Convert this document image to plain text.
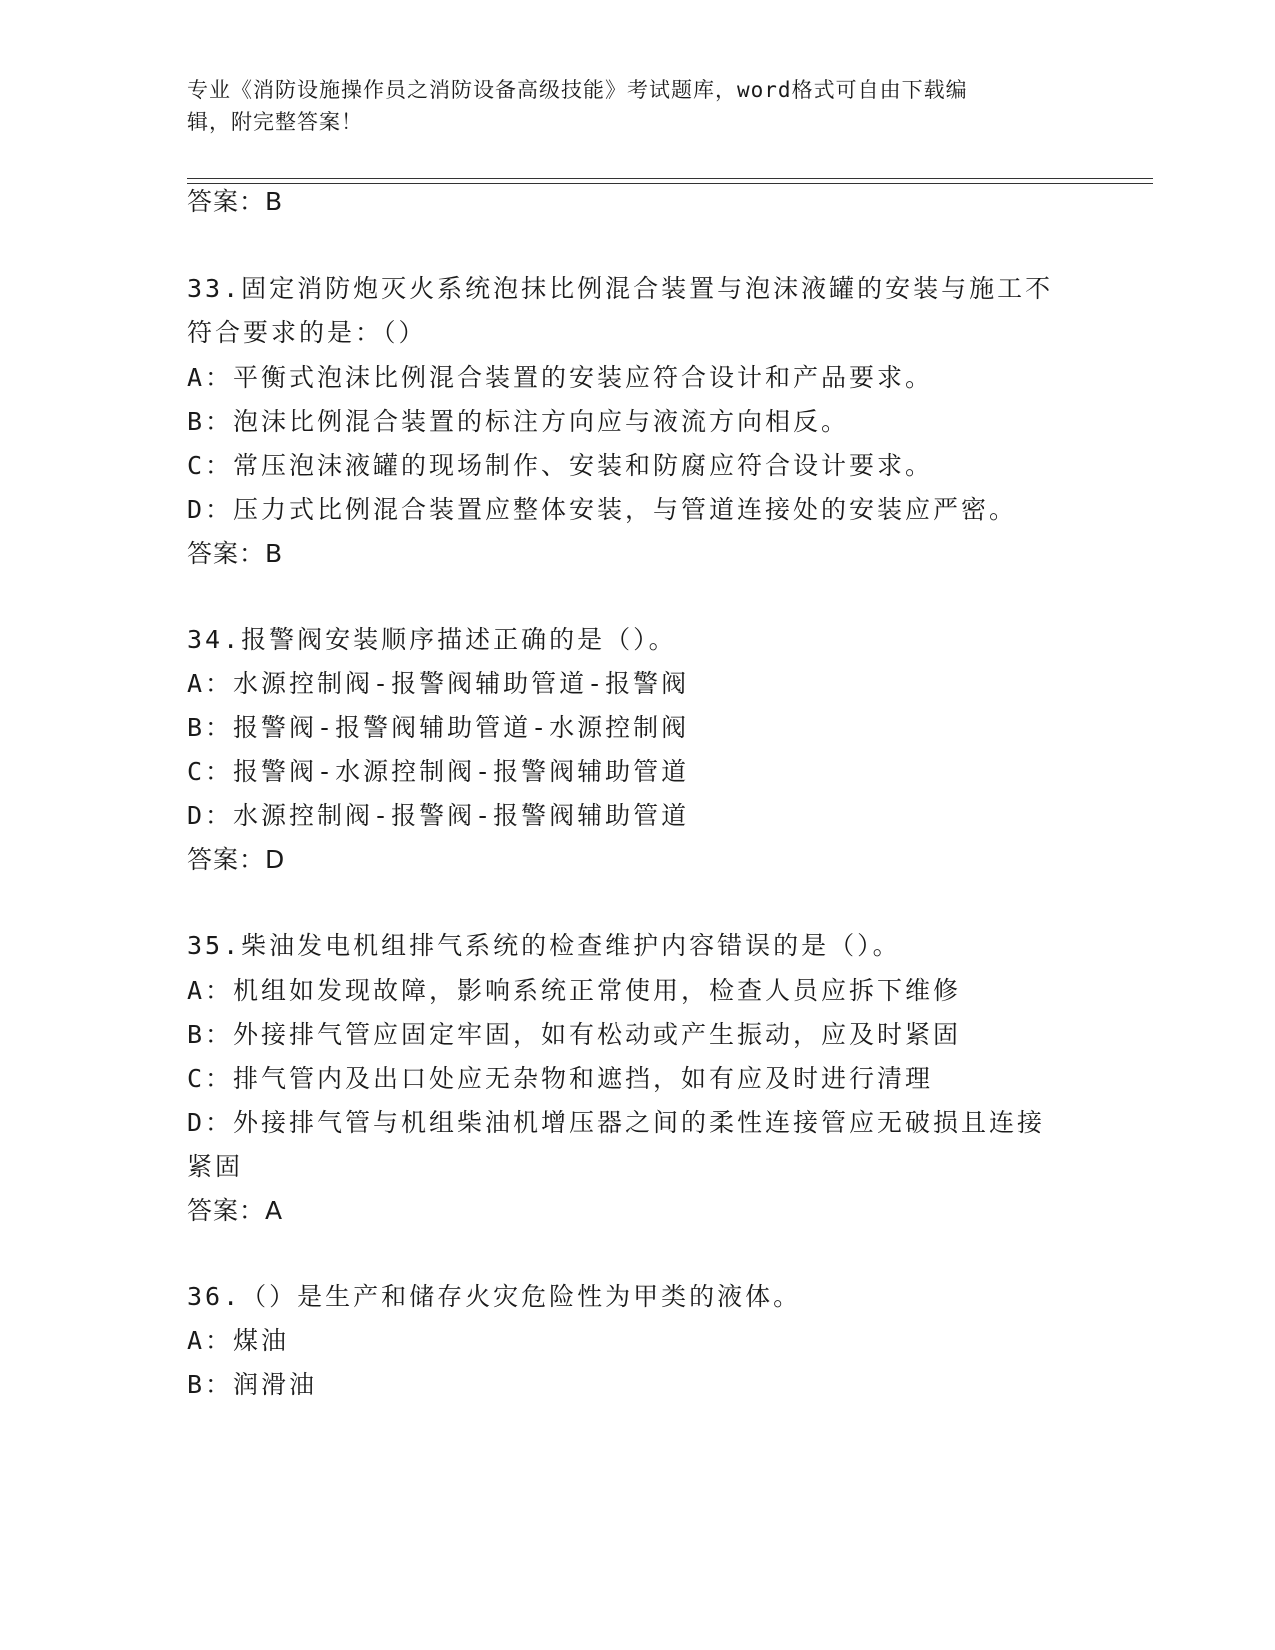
专业《消防设施操作员之消防设备高级技能》考试题库，word格式可自由下载编
辑，附完整答案！
答案：B
33.固定消防炮灭火系统泡抹比例混合装置与泡沫液罐的安装与施工不
符合要求的是：（）
A：平衡式泡沫比例混合装置的安装应符合设计和产品要求。
B：泡沫比例混合装置的标注方向应与液流方向相反。
C：常压泡沫液罐的现场制作、安装和防腐应符合设计要求。
D：压力式比例混合装置应整体安装，与管道连接处的安装应严密。
答案：B
34.报警阀安装顺序描述正确的是（）。
A：水源控制阀-报警阀辅助管道-报警阀
B：报警阀-报警阀辅助管道-水源控制阀
C：报警阀-水源控制阀-报警阀辅助管道
D：水源控制阀-报警阀-报警阀辅助管道
答案：D
35.柴油发电机组排气系统的检查维护内容错误的是（）。
A：机组如发现故障，影响系统正常使用，检查人员应拆下维修
B：外接排气管应固定牢固，如有松动或产生振动，应及时紧固
C：排气管内及出口处应无杂物和遮挡，如有应及时进行清理
D：外接排气管与机组柴油机增压器之间的柔性连接管应无破损且连接
紧固
答案：A
36.（）是生产和储存火灾危险性为甲类的液体。
A：煤油
B：润滑油
